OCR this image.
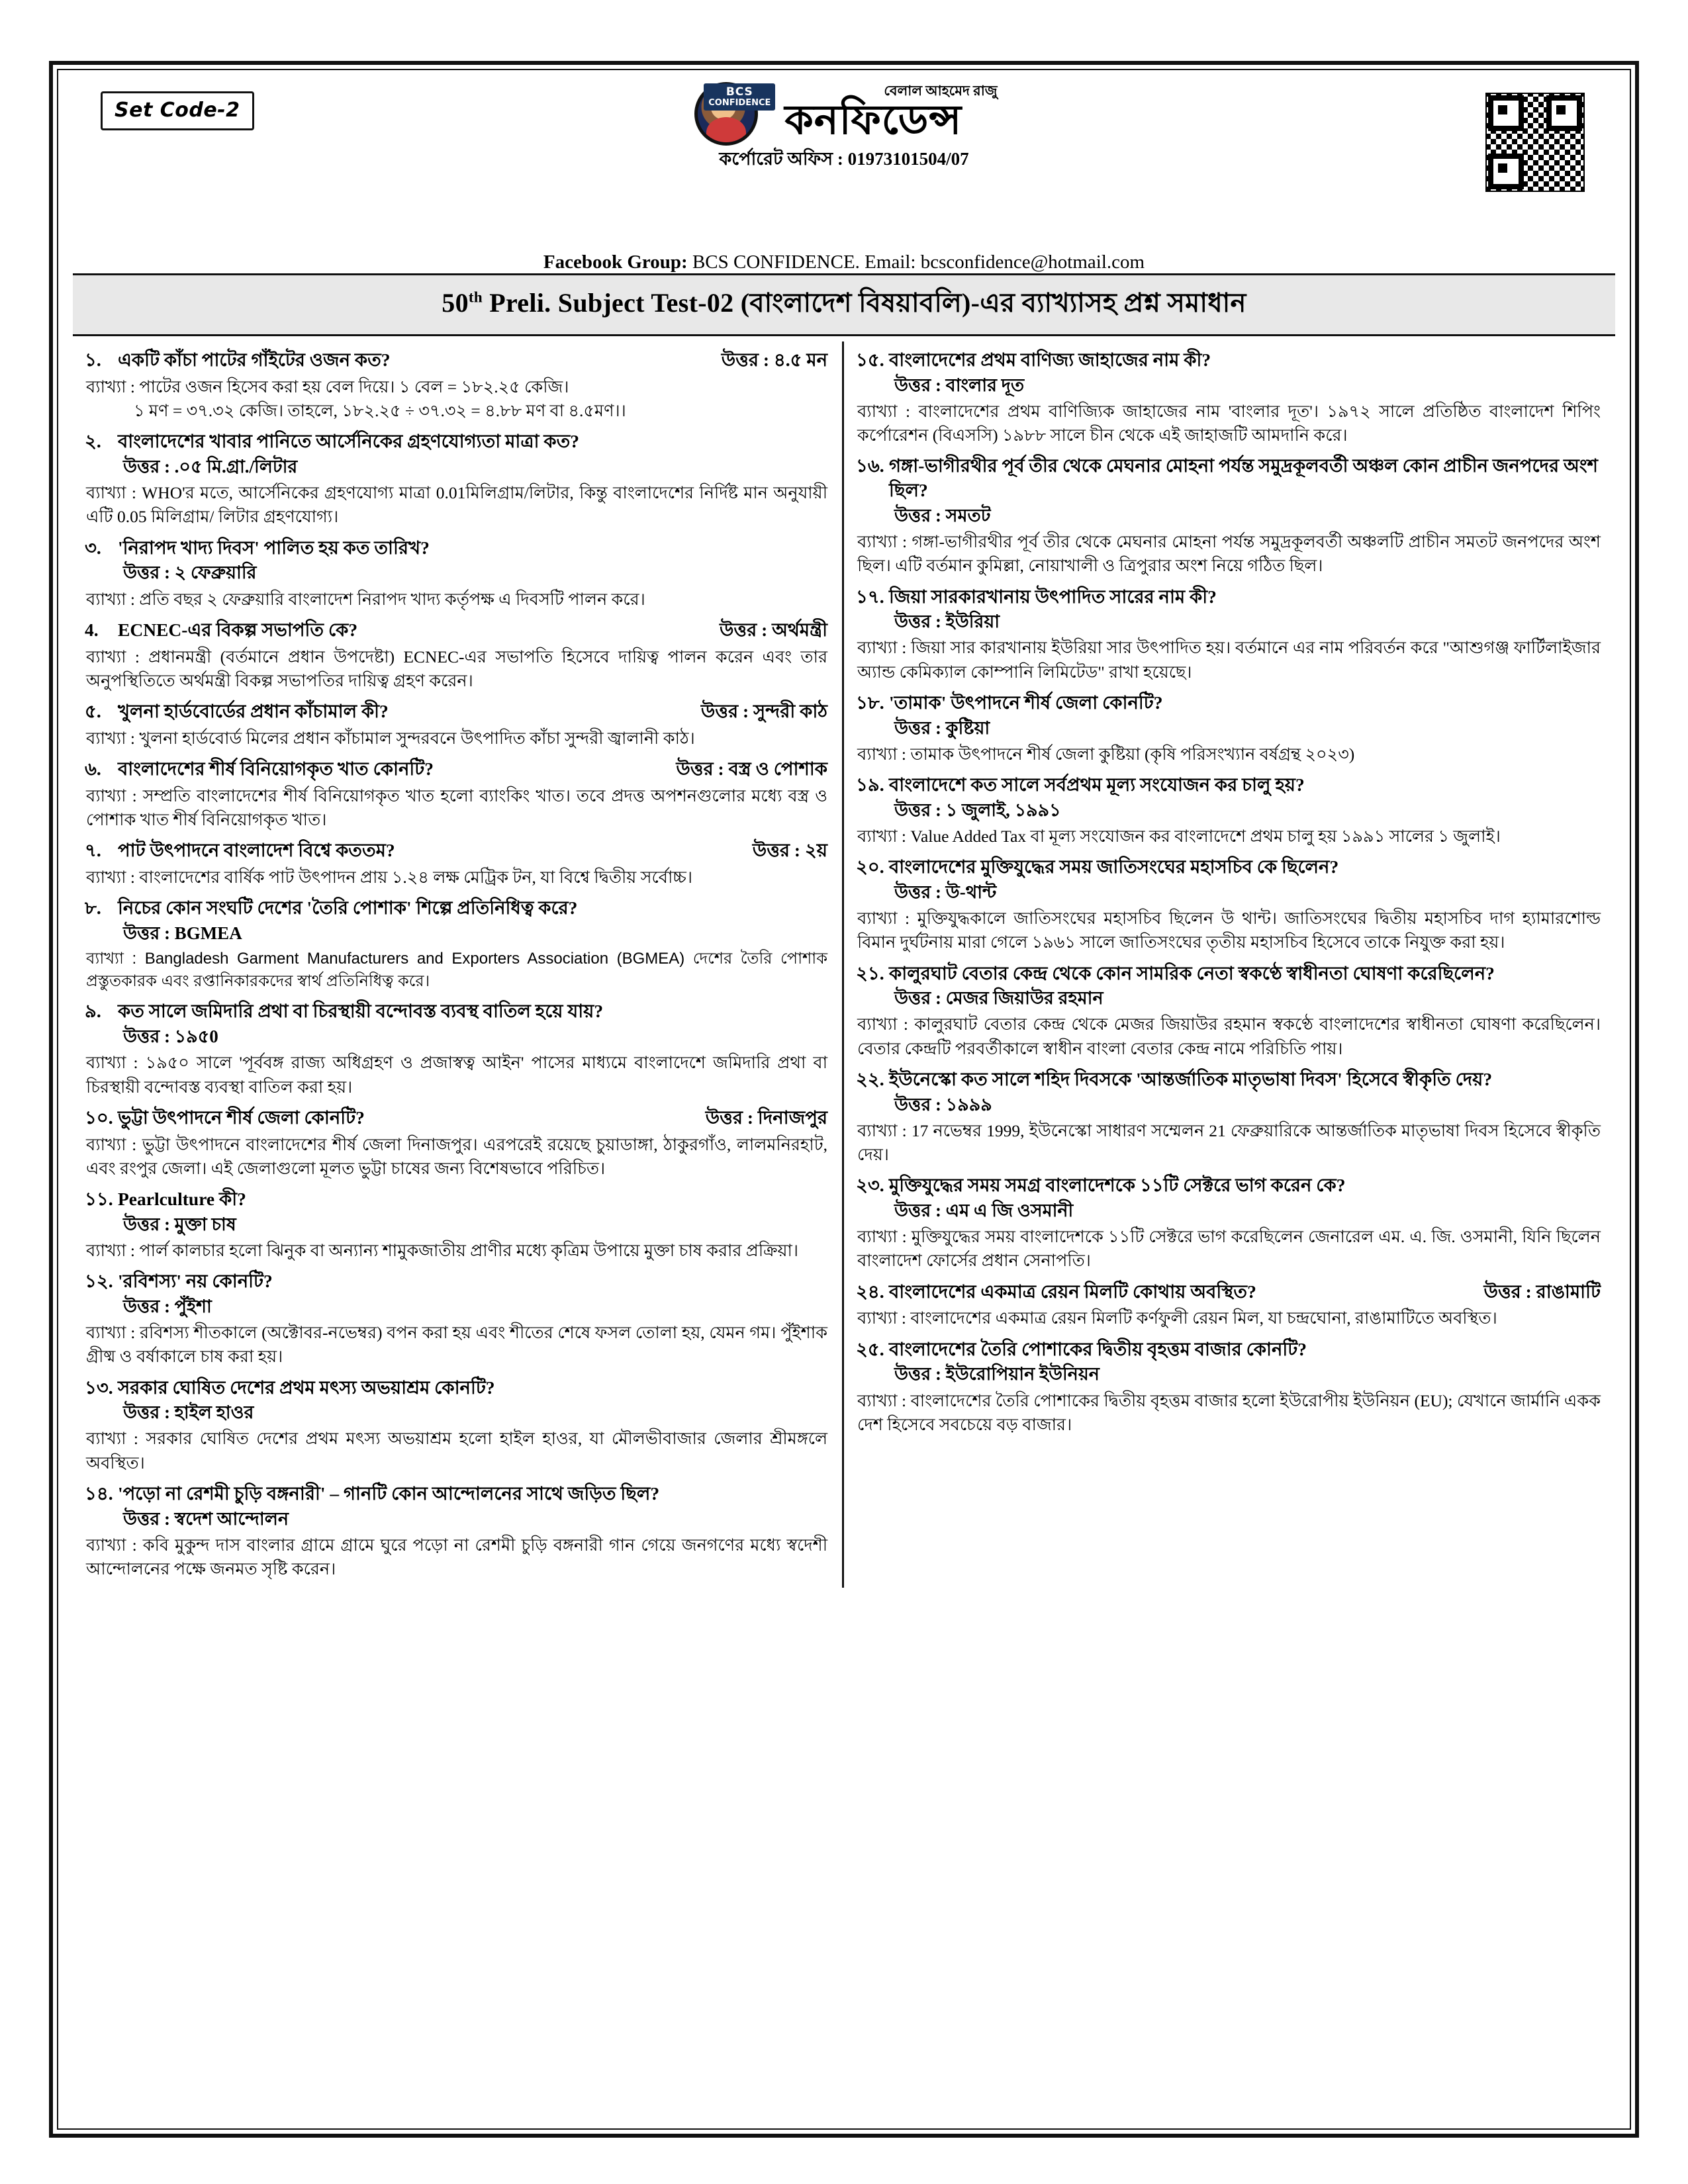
Set Code-2
BCS
CONFIDENCE
বেলাল আহমেদ রাজু
কনফিডেন্স
কর্পোরেট অফিস : 01973101504/07
Facebook Group: BCS CONFIDENCE. Email: bcsconfidence@hotmail.com
50th Preli. Subject Test-02 (বাংলাদেশ বিষয়াবলি)-এর ব্যাখ্যাসহ প্রশ্ন সমাধান
১.	উত্তর : ৪.৫ মন
একটি কাঁচা পাটের গাঁইটের ওজন কত?
ব্যাখ্যা : পাটের ওজন হিসেব করা হয় বেল দিয়ে। ১ বেল = ১৮২.২৫ কেজি।
১ মণ = ৩৭.৩২ কেজি। তাহলে, ১৮২.২৫ ÷ ৩৭.৩২ = ৪.৮৮ মণ বা ৪.৫মণ।।
২. বাংলাদেশের খাবার পানিতে আর্সেনিকের গ্রহণযোগ্যতা মাত্রা কত?
উত্তর : .০৫ মি.গ্রা./লিটার
ব্যাখ্যা : WHO'র মতে, আর্সেনিকের গ্রহণযোগ্য মাত্রা 0.01মিলিগ্রাম/লিটার, কিন্তু বাংলাদেশের নির্দিষ্ট মান অনুযায়ী এটি 0.05 মিলিগ্রাম/ লিটার গ্রহণযোগ্য।
৩. 'নিরাপদ খাদ্য দিবস' পালিত হয় কত তারিখ?
উত্তর : ২ ফেব্রুয়ারি
ব্যাখ্যা : প্রতি বছর ২ ফেব্রুয়ারি বাংলাদেশ নিরাপদ খাদ্য কর্তৃপক্ষ এ দিবসটি পালন করে।
4.	উত্তর : অর্থমন্ত্রী
ECNEC-এর বিকল্প সভাপতি কে?
ব্যাখ্যা : প্রধানমন্ত্রী (বর্তমানে প্রধান উপদেষ্টা) ECNEC-এর সভাপতি হিসেবে দায়িত্ব পালন করেন এবং তার অনুপস্থিতিতে অর্থমন্ত্রী বিকল্প সভাপতির দায়িত্ব গ্রহণ করেন।
৫.	উত্তর : সুন্দরী কাঠ
খুলনা হার্ডবোর্ডের প্রধান কাঁচামাল কী?
ব্যাখ্যা : খুলনা হার্ডবোর্ড মিলের প্রধান কাঁচামাল সুন্দরবনে উৎপাদিত কাঁচা সুন্দরী জ্বালানী কাঠ।
৬.	উত্তর : বস্ত্র ও পোশাক
বাংলাদেশের শীর্ষ বিনিয়োগকৃত খাত কোনটি?
ব্যাখ্যা : সম্প্রতি বাংলাদেশের শীর্ষ বিনিয়োগকৃত খাত হলো ব্যাংকিং খাত। তবে প্রদত্ত অপশনগুলোর মধ্যে বস্ত্র ও পোশাক খাত শীর্ষ বিনিয়োগকৃত খাত।
৭.	উত্তর : ২য়
পাট উৎপাদনে বাংলাদেশ বিশ্বে কততম?
ব্যাখ্যা : বাংলাদেশের বার্ষিক পাট উৎপাদন প্রায় ১.২৪ লক্ষ মেট্রিক টন, যা বিশ্বে দ্বিতীয় সর্বোচ্চ।
৮. নিচের কোন সংঘটি দেশের 'তৈরি পোশাক' শিল্পে প্রতিনিধিত্ব করে?
উত্তর : BGMEA
ব্যাখ্যা : Bangladesh Garment Manufacturers and Exporters Association (BGMEA) দেশের তৈরি পোশাক প্রস্তুতকারক এবং রপ্তানিকারকদের স্বার্থ প্রতিনিধিত্ব করে।
৯. কত সালে জমিদারি প্রথা বা চিরস্থায়ী বন্দোবস্ত ব্যবস্থ বাতিল হয়ে যায়?
উত্তর : ১৯৫0
ব্যাখ্যা : ১৯৫০ সালে 'পূর্ববঙ্গ রাজ্য অধিগ্রহণ ও প্রজাস্বত্ব আইন' পাসের মাধ্যমে বাংলাদেশে জমিদারি প্রথা বা চিরস্থায়ী বন্দোবস্ত ব্যবস্থা বাতিল করা হয়।
১০.	উত্তর : দিনাজপুর
ভুট্টা উৎপাদনে শীর্ষ জেলা কোনটি?
ব্যাখ্যা : ভুট্টা উৎপাদনে বাংলাদেশের শীর্ষ জেলা দিনাজপুর। এরপরেই রয়েছে চুয়াডাঙ্গা, ঠাকুরগাঁও, লালমনিরহাট, এবং রংপুর জেলা। এই জেলাগুলো মূলত ভুট্টা চাষের জন্য বিশেষভাবে পরিচিত।
১১. Pearlculture কী?
উত্তর : মুক্তা চাষ
ব্যাখ্যা : পার্ল কালচার হলো ঝিনুক বা অন্যান্য শামুকজাতীয় প্রাণীর মধ্যে কৃত্রিম উপায়ে মুক্তা চাষ করার প্রক্রিয়া।
১২. 'রবিশস্য' নয় কোনটি?
উত্তর : পুঁইশা
ব্যাখ্যা : রবিশস্য শীতকালে (অক্টোবর-নভেম্বর) বপন করা হয় এবং শীতের শেষে ফসল তোলা হয়, যেমন গম। পুঁইশাক গ্রীষ্ম ও বর্ষাকালে চাষ করা হয়।
১৩. সরকার ঘোষিত দেশের প্রথম মৎস্য অভয়াশ্রম কোনটি?
উত্তর : হাইল হাওর
ব্যাখ্যা : সরকার ঘোষিত দেশের প্রথম মৎস্য অভয়াশ্রম হলো হাইল হাওর, যা মৌলভীবাজার জেলার শ্রীমঙ্গলে অবস্থিত।
১৪. 'পড়ো না রেশমী চুড়ি বঙ্গনারী' – গানটি কোন আন্দোলনের সাথে জড়িত ছিল?
উত্তর : স্বদেশ আন্দোলন
ব্যাখ্যা : কবি মুকুন্দ দাস বাংলার গ্রামে গ্রামে ঘুরে পড়ো না রেশমী চুড়ি বঙ্গনারী গান গেয়ে জনগণের মধ্যে স্বদেশী আন্দোলনের পক্ষে জনমত সৃষ্টি করেন।
১৫. বাংলাদেশের প্রথম বাণিজ্য জাহাজের নাম কী?
উত্তর : বাংলার দূত
ব্যাখ্যা : বাংলাদেশের প্রথম বাণিজ্যিক জাহাজের নাম 'বাংলার দূত'। ১৯৭২ সালে প্রতিষ্ঠিত বাংলাদেশ শিপিং কর্পোরেশন (বিএসসি) ১৯৮৮ সালে চীন থেকে এই জাহাজটি আমদানি করে।
১৬. গঙ্গা-ভাগীরথীর পূর্ব তীর থেকে মেঘনার মোহনা পর্যন্ত সমুদ্রকূলবর্তী অঞ্চল কোন প্রাচীন জনপদের অংশ ছিল?
উত্তর : সমতট
ব্যাখ্যা : গঙ্গা-ভাগীরথীর পূর্ব তীর থেকে মেঘনার মোহনা পর্যন্ত সমুদ্রকূলবর্তী অঞ্চলটি প্রাচীন সমতট জনপদের অংশ ছিল। এটি বর্তমান কুমিল্লা, নোয়াখালী ও ত্রিপুরার অংশ নিয়ে গঠিত ছিল।
১৭. জিয়া সারকারখানায় উৎপাদিত সারের নাম কী?
উত্তর : ইউরিয়া
ব্যাখ্যা : জিয়া সার কারখানায় ইউরিয়া সার উৎপাদিত হয়। বর্তমানে এর নাম পরিবর্তন করে "আশুগঞ্জ ফার্টিলাইজার অ্যান্ড কেমিক্যাল কোম্পানি লিমিটেড" রাখা হয়েছে।
১৮. 'তামাক' উৎপাদনে শীর্ষ জেলা কোনটি?
উত্তর : কুষ্টিয়া
ব্যাখ্যা : তামাক উৎপাদনে শীর্ষ জেলা কুষ্টিয়া (কৃষি পরিসংখ্যান বর্ষগ্রন্থ ২০২৩)
১৯. বাংলাদেশে কত সালে সর্বপ্রথম মূল্য সংযোজন কর চালু হয়?
উত্তর : ১ জুলাই, ১৯৯১
ব্যাখ্যা : Value Added Tax বা মূল্য সংযোজন কর বাংলাদেশে প্রথম চালু হয় ১৯৯১ সালের ১ জুলাই।
২০. বাংলাদেশের মুক্তিযুদ্ধের সময় জাতিসংঘের মহাসচিব কে ছিলেন?
উত্তর : উ-থান্ট
ব্যাখ্যা : মুক্তিযুদ্ধকালে জাতিসংঘের মহাসচিব ছিলেন উ থান্ট। জাতিসংঘের দ্বিতীয় মহাসচিব দাগ হ্যামারশোল্ড বিমান দুর্ঘটনায় মারা গেলে ১৯৬১ সালে জাতিসংঘের তৃতীয় মহাসচিব হিসেবে তাকে নিযুক্ত করা হয়।
২১. কালুরঘাট বেতার কেন্দ্র থেকে কোন সামরিক নেতা স্বকণ্ঠে স্বাধীনতা ঘোষণা করেছিলেন?
উত্তর : মেজর জিয়াউর রহমান
ব্যাখ্যা : কালুরঘাট বেতার কেন্দ্র থেকে মেজর জিয়াউর রহমান স্বকণ্ঠে বাংলাদেশের স্বাধীনতা ঘোষণা করেছিলেন। বেতার কেন্দ্রটি পরবর্তীকালে স্বাধীন বাংলা বেতার কেন্দ্র নামে পরিচিতি পায়।
২২. ইউনেস্কো কত সালে শহিদ দিবসকে 'আন্তর্জাতিক মাতৃভাষা দিবস' হিসেবে স্বীকৃতি দেয়?
উত্তর : ১৯৯৯
ব্যাখ্যা : 17 নভেম্বর 1999, ইউনেস্কো সাধারণ সম্মেলন 21 ফেব্রুয়ারিকে আন্তর্জাতিক মাতৃভাষা দিবস হিসেবে স্বীকৃতি দেয়।
২৩. মুক্তিযুদ্ধের সময় সমগ্র বাংলাদেশকে ১১টি সেক্টরে ভাগ করেন কে?
উত্তর : এম এ জি ওসমানী
ব্যাখ্যা : মুক্তিযুদ্ধের সময় বাংলাদেশকে ১১টি সেক্টরে ভাগ করেছিলেন জেনারেল এম. এ. জি. ওসমানী, যিনি ছিলেন বাংলাদেশ ফোর্সের প্রধান সেনাপতি।
২৪.	উত্তর : রাঙামাটি
বাংলাদেশের একমাত্র রেয়ন মিলটি কোথায় অবস্থিত?
ব্যাখ্যা : বাংলাদেশের একমাত্র রেয়ন মিলটি কর্ণফুলী রেয়ন মিল, যা চন্দ্রঘোনা, রাঙামাটিতে অবস্থিত।
২৫. বাংলাদেশের তৈরি পোশাকের দ্বিতীয় বৃহত্তম বাজার কোনটি?
উত্তর : ইউরোপিয়ান ইউনিয়ন
ব্যাখ্যা : বাংলাদেশের তৈরি পোশাকের দ্বিতীয় বৃহত্তম বাজার হলো ইউরোপীয় ইউনিয়ন (EU); যেখানে জার্মানি একক দেশ হিসেবে সবচেয়ে বড় বাজার।
